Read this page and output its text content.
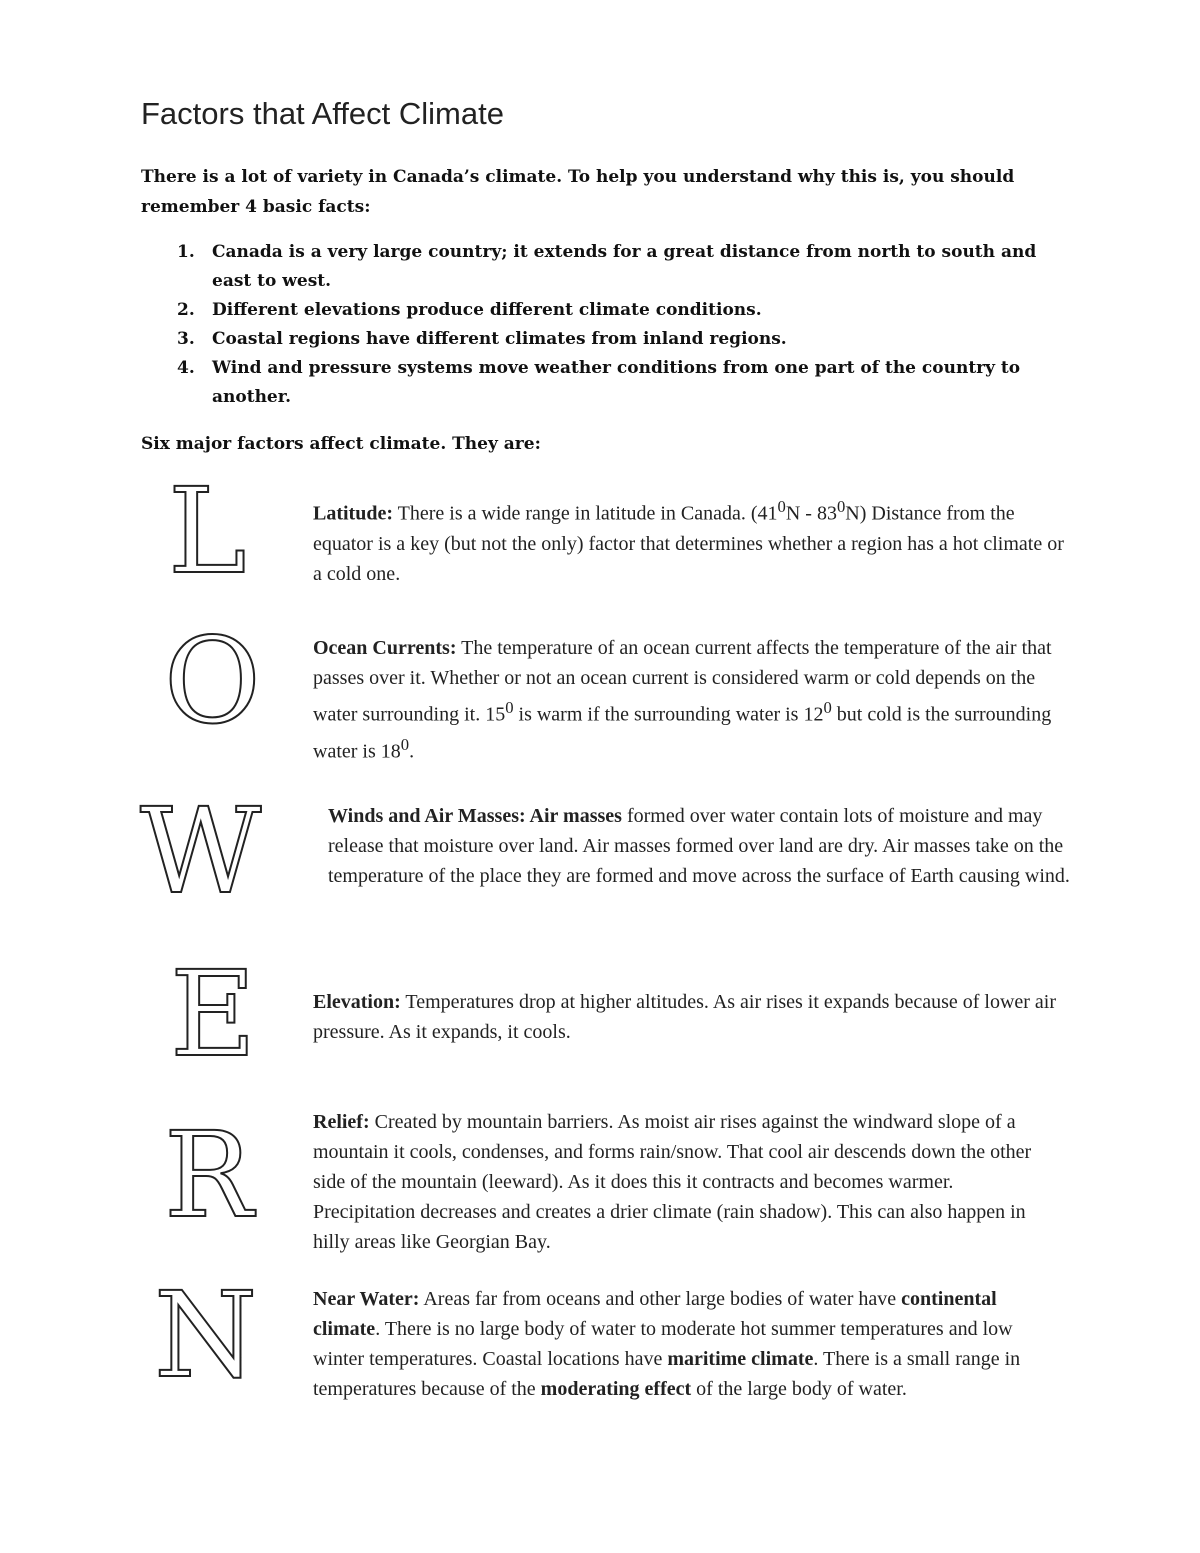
Factors that Affect Climate
There is a lot of variety in Canada’s climate. To help you understand why this is, you should remember 4 basic facts:
1. Canada is a very large country; it extends for a great distance from north to south and east to west.
2. Different elevations produce different climate conditions.
3. Coastal regions have different climates from inland regions.
4. Wind and pressure systems move weather conditions from one part of the country to another.
Six major factors affect climate. They are:
L	Latitude: There is a wide range in latitude in Canada. $(41^0N - 83^0N)$ Distance from the equator is a key (but not the only) factor that determines whether a region has a hot climate or a cold one.
O	Ocean Currents: The temperature of an ocean current affects the temperature of the air that passes over it. Whether or not an ocean current is considered warm or cold depends on the water surrounding it. $15^0$ is warm if the surrounding water is $12^0$ but cold is the surrounding water is $18^0$.
W	Winds and Air Masses: Air masses formed over water contain lots of moisture and may release that moisture over land. Air masses formed over land are dry. Air masses take on the temperature of the place they are formed and move across the surface of Earth causing wind.
E	Elevation: Temperatures drop at higher altitudes. As air rises it expands because of lower air pressure. As it expands, it cools.
R	Relief: Created by mountain barriers. As moist air rises against the windward slope of a mountain it cools, condenses, and forms rain/snow. That cool air descends down the other side of the mountain (leeward). As it does this it contracts and becomes warmer. Precipitation decreases and creates a drier climate (rain shadow). This can also happen in hilly areas like Georgian Bay.
N	Near Water: Areas far from oceans and other large bodies of water have continental climate. There is no large body of water to moderate hot summer temperatures and low winter temperatures. Coastal locations have maritime climate. There is a small range in temperatures because of the moderating effect of the large body of water.
